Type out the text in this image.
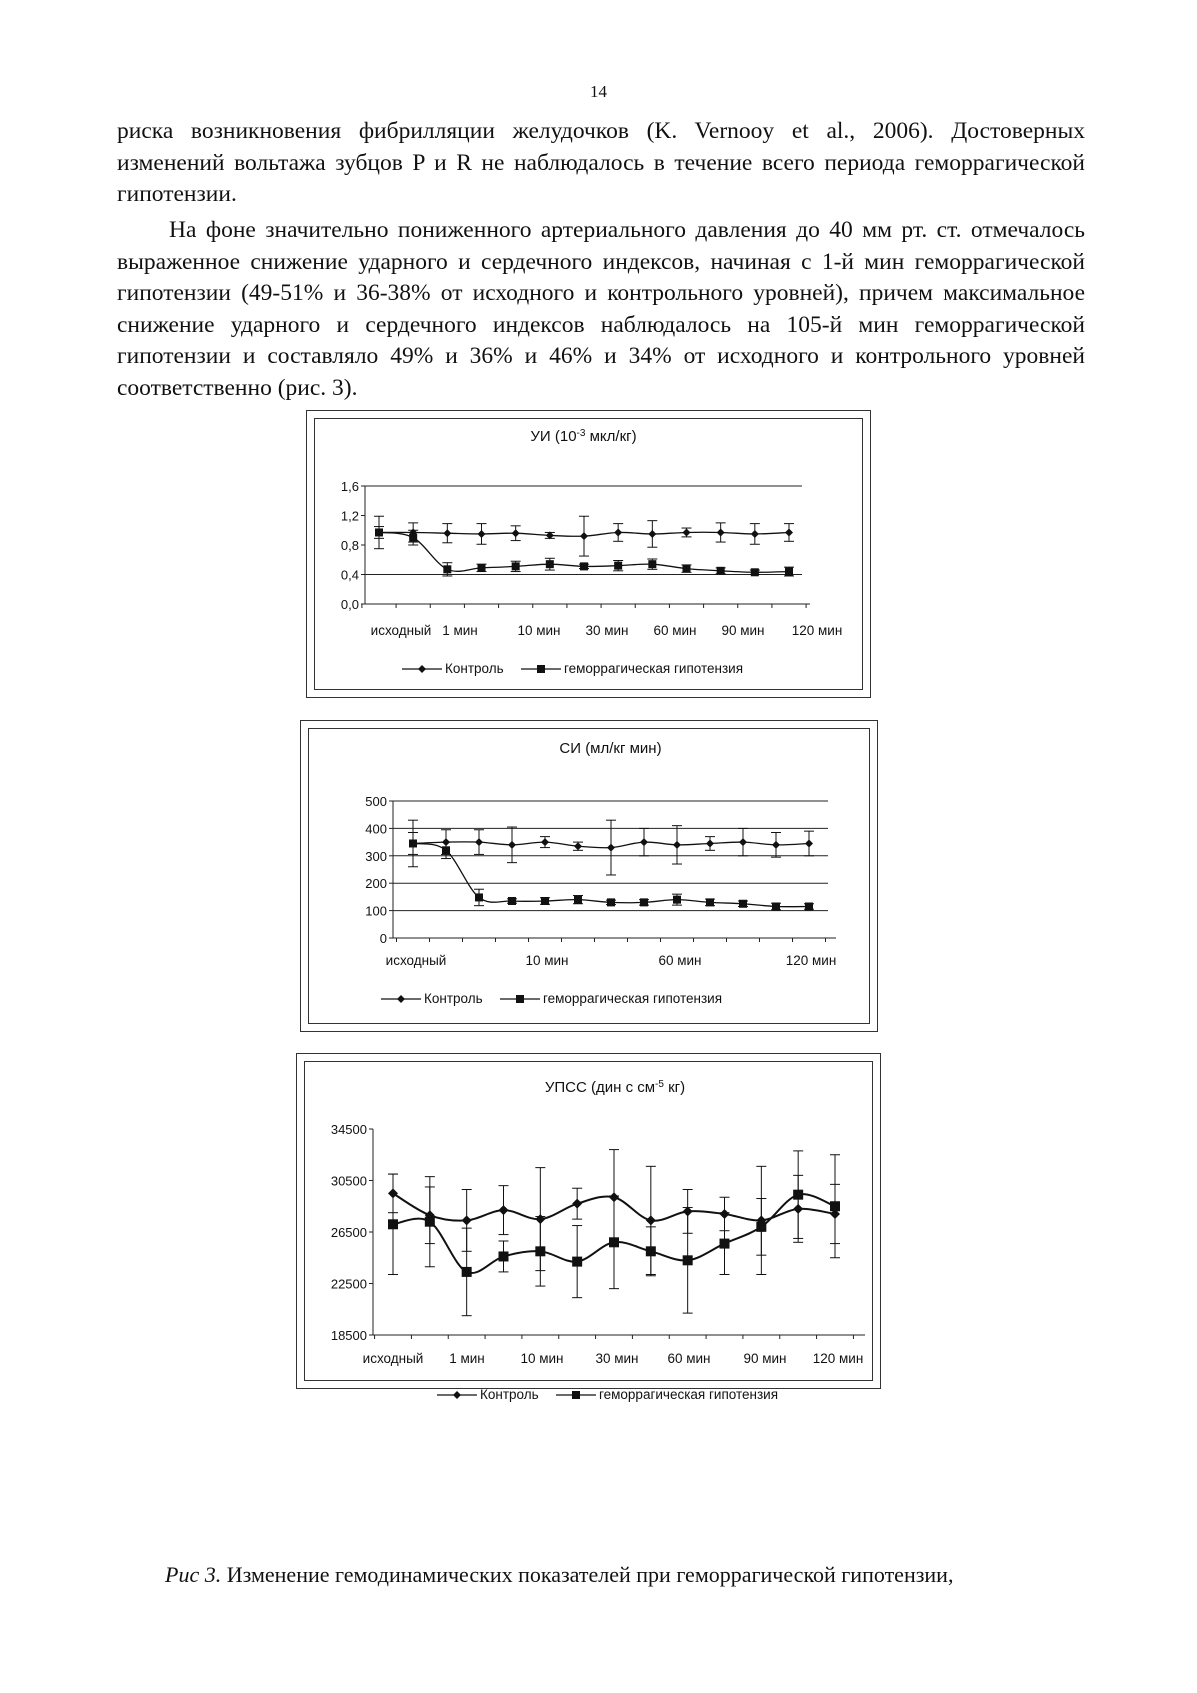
14

риска возникновения фибрилляции желудочков (K. Vernooy et al., 2006). Достоверных изменений вольтажа зубцов P и R не наблюдалось в течение всего периода геморрагической гипотензии.

На фоне значительно пониженного артериального давления до 40 мм рт. ст. отмечалось выраженное снижение ударного и сердечного индексов, начиная с 1-й мин геморрагической гипотензии (49-51% и 36-38% от исходного и контрольного уровней), причем максимальное снижение ударного и сердечного индексов наблюдалось на 105-й мин геморрагической гипотензии и составляло 49% и 36% и 46% и 34% от исходного и контрольного уровней соответственно (рис. 3).

УИ ($10^{-3}$ мкл/кг)
0,0
0,4
0,8
1,2
1,6
исходный 1 мин	10 мин 30 мин 60 мин 90 мин 120 мин
Контроль	геморрагическая гипотензия
СИ (мл/кг мин)
0
100
200
300
400
500
исходный	10 мин	60 мин	120 мин
Контроль	геморрагическая гипотензия
УПСС (дин с $см^{-5}$ кг)
18500
22500
26500
30500
34500
исходный 1 мин	10 мин 30 мин 60 мин 90 мин 120 мин
Контроль	геморрагическая гипотензия

Рис 3. Изменение гемодинамических показателей при геморрагической гипотензии,
